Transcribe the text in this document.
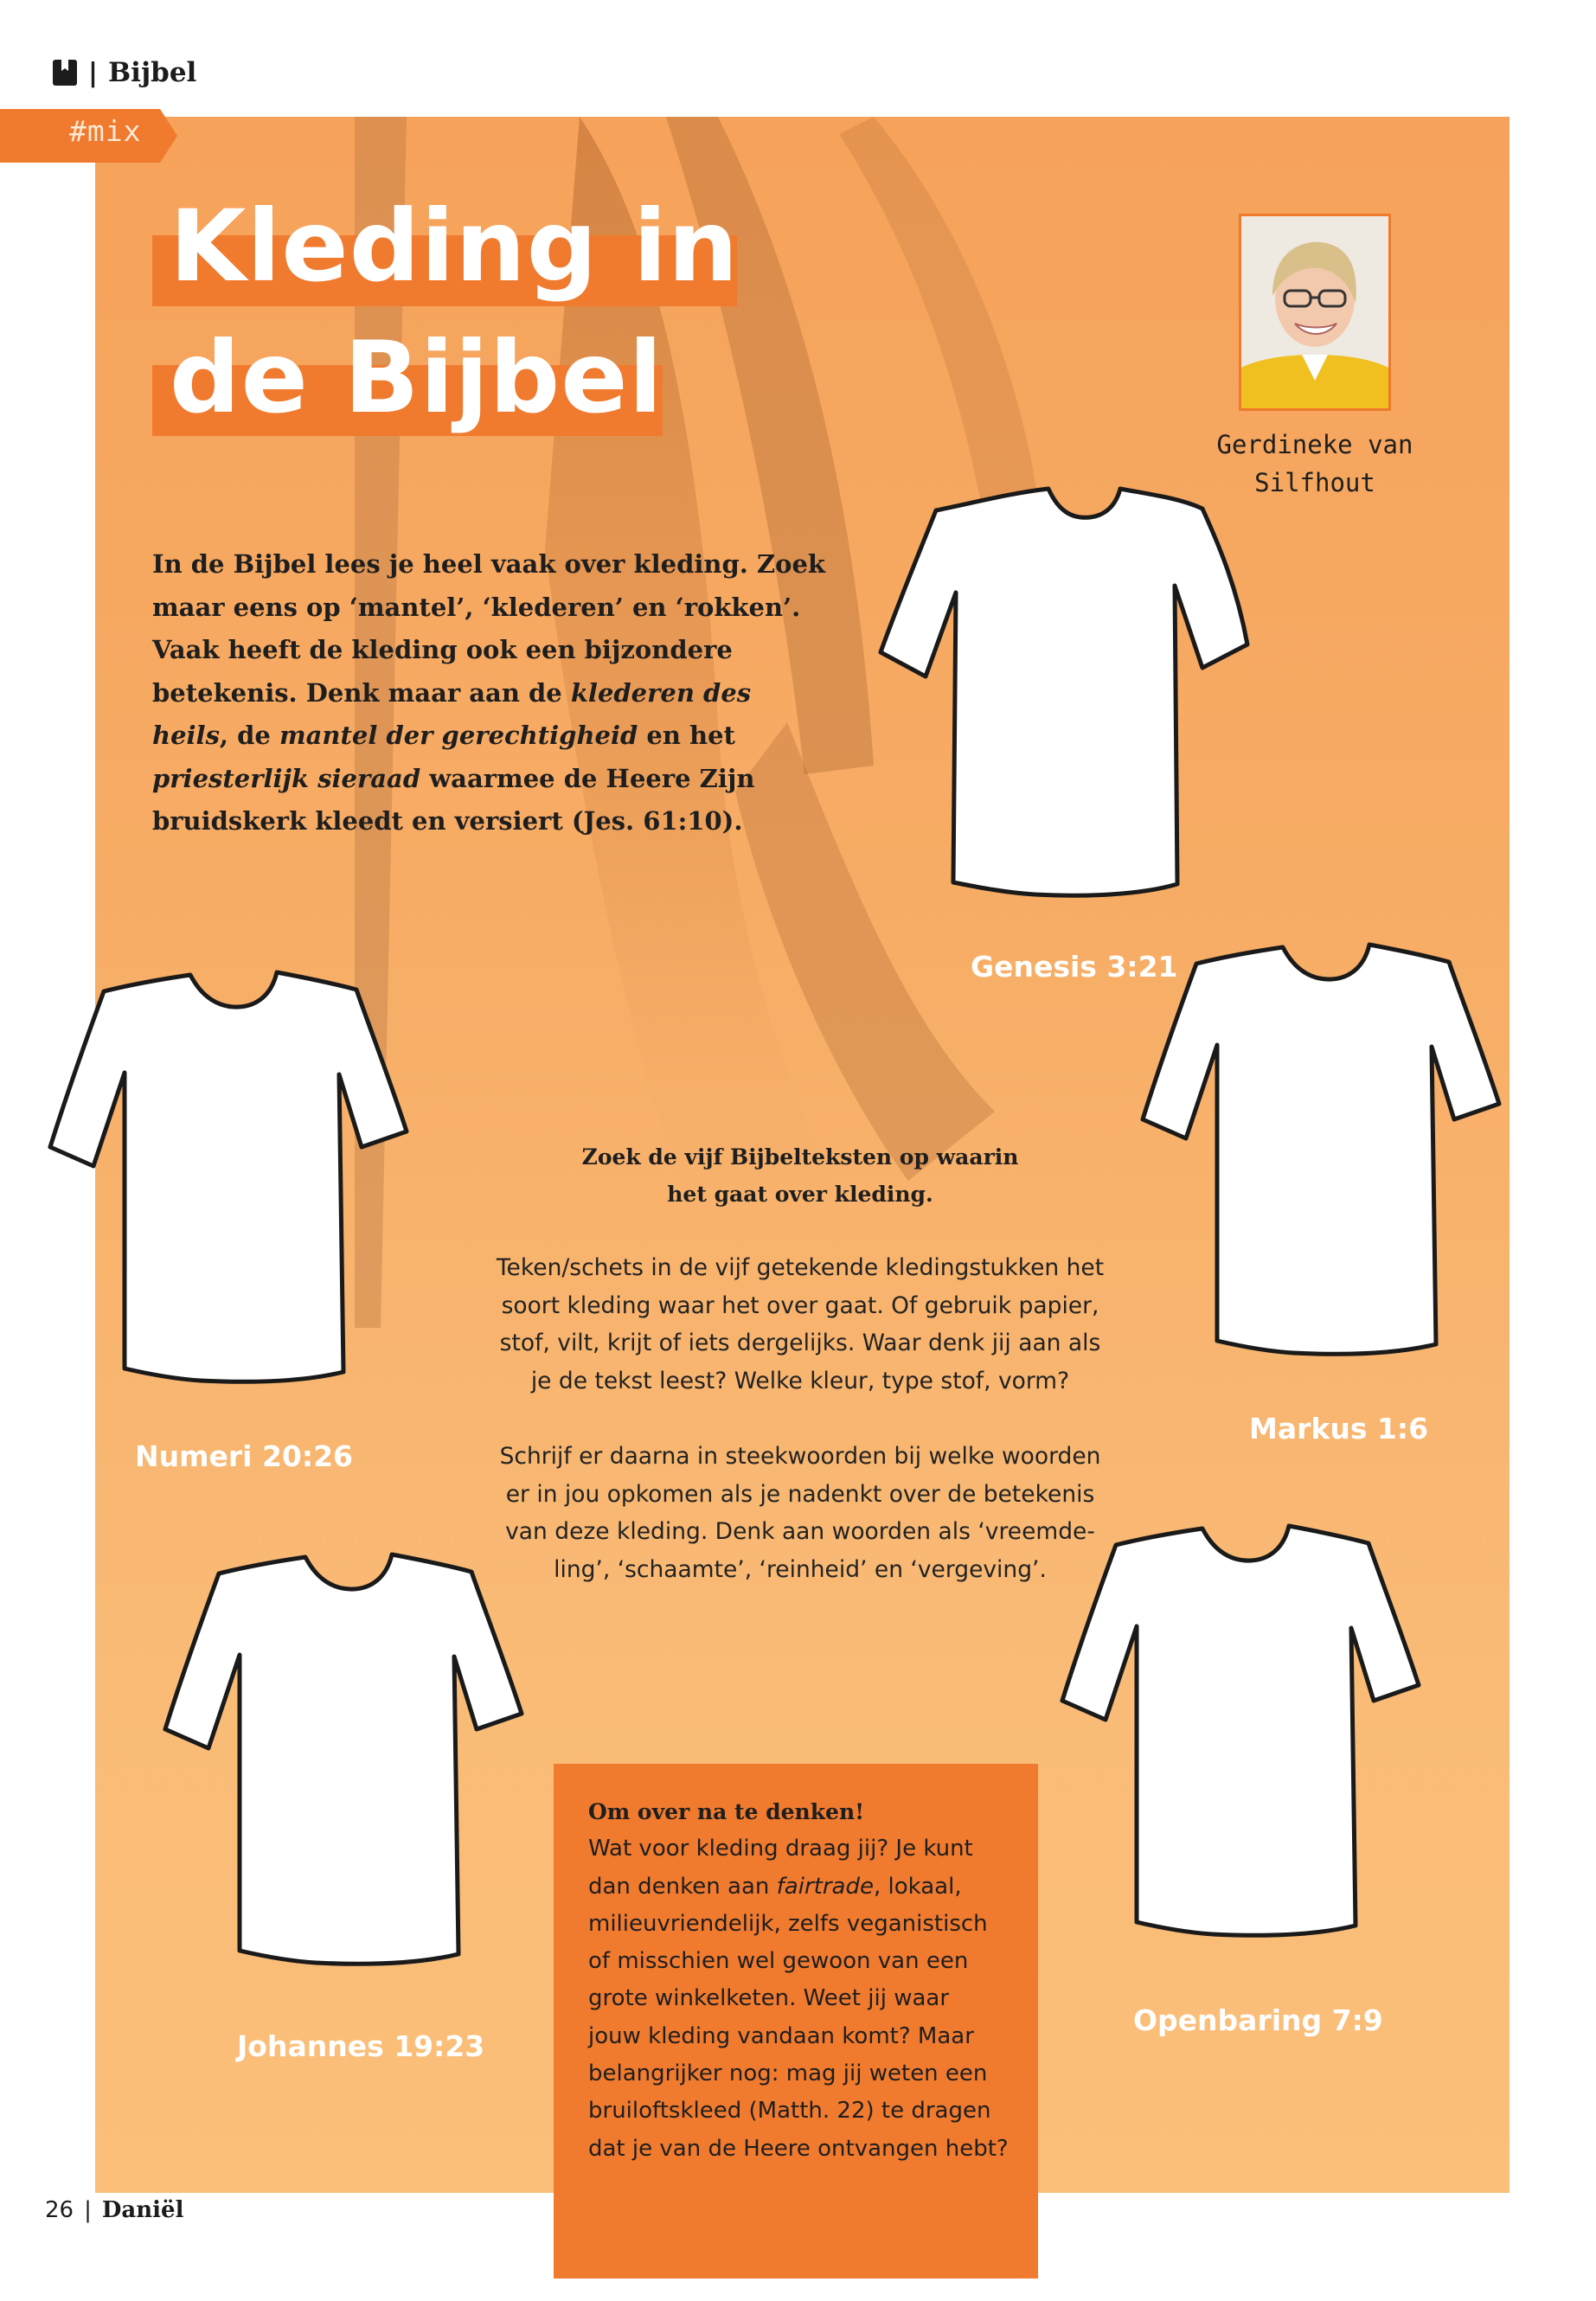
| Bijbel
#mix
Kleding in
de Bijbel
Gerdineke van
Silfhout
In de Bijbel lees je heel vaak over kleding. Zoek maar eens op ‘mantel’, ‘klederen’ en ‘rokken’. Vaak heeft de kleding ook een bijzondere betekenis. Denk maar aan de klederen des heils, de mantel der gerechtigheid en het priesterlijk sieraad waarmee de Heere Zijn bruidskerk kleedt en versiert (Jes. 61:10).
Genesis 3:21
Numeri 20:26
Markus 1:6
Johannes 19:23
Openbaring 7:9
Zoek de vijf Bijbelteksten op waarin
het gaat over kleding.
Teken/schets in de vijf getekende kledingstukken het
soort kleding waar het over gaat. Of gebruik papier,
stof, vilt, krijt of iets dergelijks. Waar denk jij aan als
je de tekst leest? Welke kleur, type stof, vorm?
Schrijf er daarna in steekwoorden bij welke woorden
er in jou opkomen als je nadenkt over de betekenis
van deze kleding. Denk aan woorden als ‘vreemde-
ling’, ‘schaamte’, ‘reinheid’ en ‘vergeving’.
Om over na te denken!
Wat voor kleding draag jij? Je kunt
dan denken aan fairtrade, lokaal,
milieuvriendelijk, zelfs veganistisch
of misschien wel gewoon van een
grote winkelketen. Weet jij waar
jouw kleding vandaan komt? Maar
belangrijker nog: mag jij weten een
bruiloftskleed (Matth. 22) te dragen
dat je van de Heere ontvangen hebt?
26 | Daniël
